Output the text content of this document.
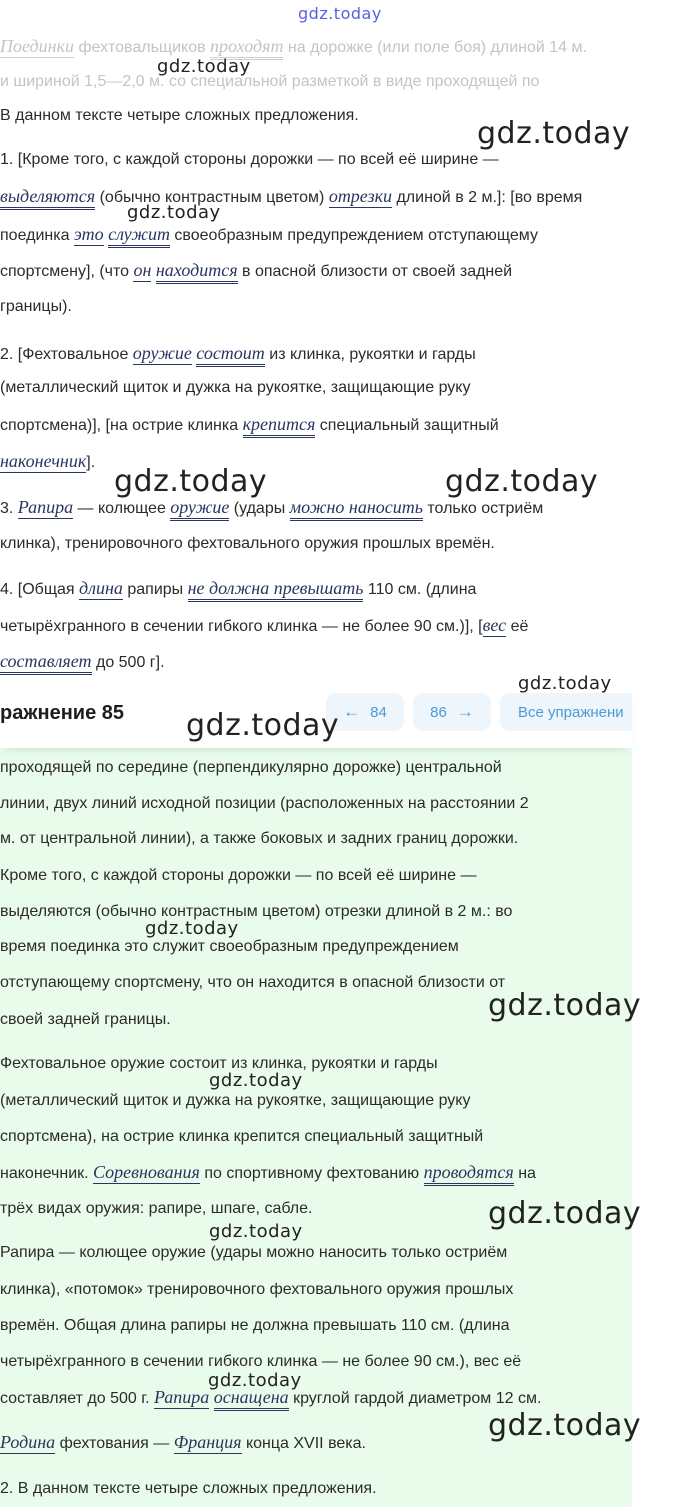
gdz.today
Поединки фехтовальщиков проходят на дорожке (или поле боя) длиной 14 м.
и шириной 1,5—2,0 м. со специальной разметкой в виде проходящей по
В данном тексте четыре сложных предложения.
1. [Кроме того, с каждой стороны дорожки — по всей её ширине —
выделяются (обычно контрастным цветом) отрезки длиной в 2 м.]: [во время
поединка это служит своеобразным предупреждением отступающему
спортсмену], (что он находится в опасной близости от своей задней
границы).
2. [Фехтовальное оружие состоит из клинка, рукоятки и гарды
(металлический щиток и дужка на рукоятке, защищающие руку
спортсмена)], [на острие клинка крепится специальный защитный
наконечник].
3. Рапира — колющее оружие (удары можно наносить только остриём
клинка), тренировочного фехтовального оружия прошлых времён.
4. [Общая длина рапиры не должна превышать 110 см. (длина
четырёхгранного в сечении гибкого клинка — не более 90 см.)], [вес её
составляет до 500 г].
ражнение 85	← 84	86 →	Все упражнени
проходящей по середине (перпендикулярно дорожке) центральной
линии, двух линий исходной позиции (расположенных на расстоянии 2
м. от центральной линии), а также боковых и задних границ дорожки.
Кроме того, с каждой стороны дорожки — по всей её ширине —
выделяются (обычно контрастным цветом) отрезки длиной в 2 м.: во
время поединка это служит своеобразным предупреждением
отступающему спортсмену, что он находится в опасной близости от
своей задней границы.
Фехтовальное оружие состоит из клинка, рукоятки и гарды
(металлический щиток и дужка на рукоятке, защищающие руку
спортсмена), на острие клинка крепится специальный защитный
наконечник. Соревнования по спортивному фехтованию проводятся на
трёх видах оружия: рапире, шпаге, сабле.
Рапира — колющее оружие (удары можно наносить только остриём
клинка), «потомок» тренировочного фехтовального оружия прошлых
времён. Общая длина рапиры не должна превышать 110 см. (длина
четырёхгранного в сечении гибкого клинка — не более 90 см.), вес её
составляет до 500 г. Рапира оснащена круглой гардой диаметром 12 см.
Родина фехтования — Франция конца XVII века.
2. В данном тексте четыре сложных предложения.
gdz.today
gdz.today
gdz.today
gdz.today	gdz.today
gdz.today
gdz.today
gdz.today
gdz.today
gdz.today
gdz.today
gdz.today
gdz.today
gdz.today
